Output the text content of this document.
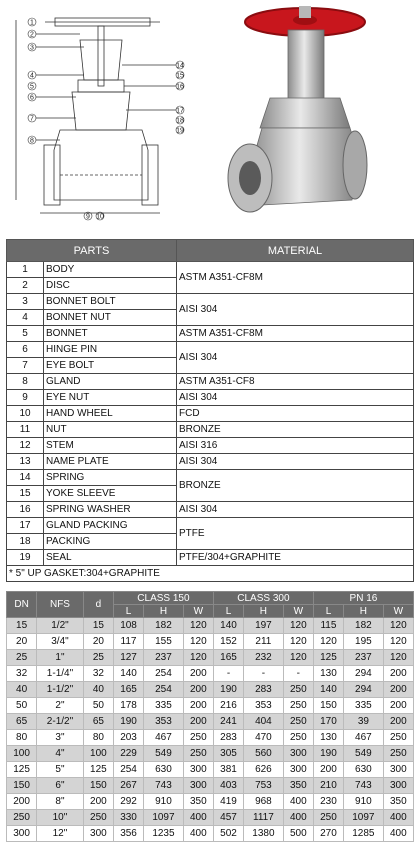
1
2
3
4
5
6
7
8
14
15
16
17
18
19
9 10
PARTS		MATERIAL
1	BODY	ASTM A351-CF8M
2	DISC	
3	BONNET BOLT	AISI 304
4	BONNET NUT	
5	BONNET	ASTM A351-CF8M
6	HINGE PIN	AISI 304
7	EYE BOLT	
8	GLAND	ASTM A351-CF8
9	EYE NUT	AISI 304
10	HAND WHEEL	FCD
11	NUT	BRONZE
12	STEM	AISI 316
13	NAME PLATE	AISI 304
14	SPRING	BRONZE
15	YOKE SLEEVE	
16	SPRING WASHER	AISI 304
17	GLAND PACKING	PTFE
18	PACKING	
19	SEAL	PTFE/304+GRAPHITE
* 5" UP GASKET:304+GRAPHITE		
DN	NFS	d	CLASS 150			CLASS 300			PN 16		
			L	H	W	L	H	W	L	H	W
15	1/2"	15	108	182	120	140	197	120	115	182	120
20	3/4"	20	117	155	120	152	211	120	120	195	120
25	1"	25	127	237	120	165	232	120	125	237	120
32	1-1/4"	32	140	254	200	-	-	-	130	294	200
40	1-1/2"	40	165	254	200	190	283	250	140	294	200
50	2"	50	178	335	200	216	353	250	150	335	200
65	2-1/2"	65	190	353	200	241	404	250	170	39	200
80	3"	80	203	467	250	283	470	250	130	467	250
100	4"	100	229	549	250	305	560	300	190	549	250
125	5"	125	254	630	300	381	626	300	200	630	300
150	6"	150	267	743	300	403	753	350	210	743	300
200	8"	200	292	910	350	419	968	400	230	910	350
250	10"	250	330	1097	400	457	1117	400	250	1097	400
300	12"	300	356	1235	400	502	1380	500	270	1285	400
